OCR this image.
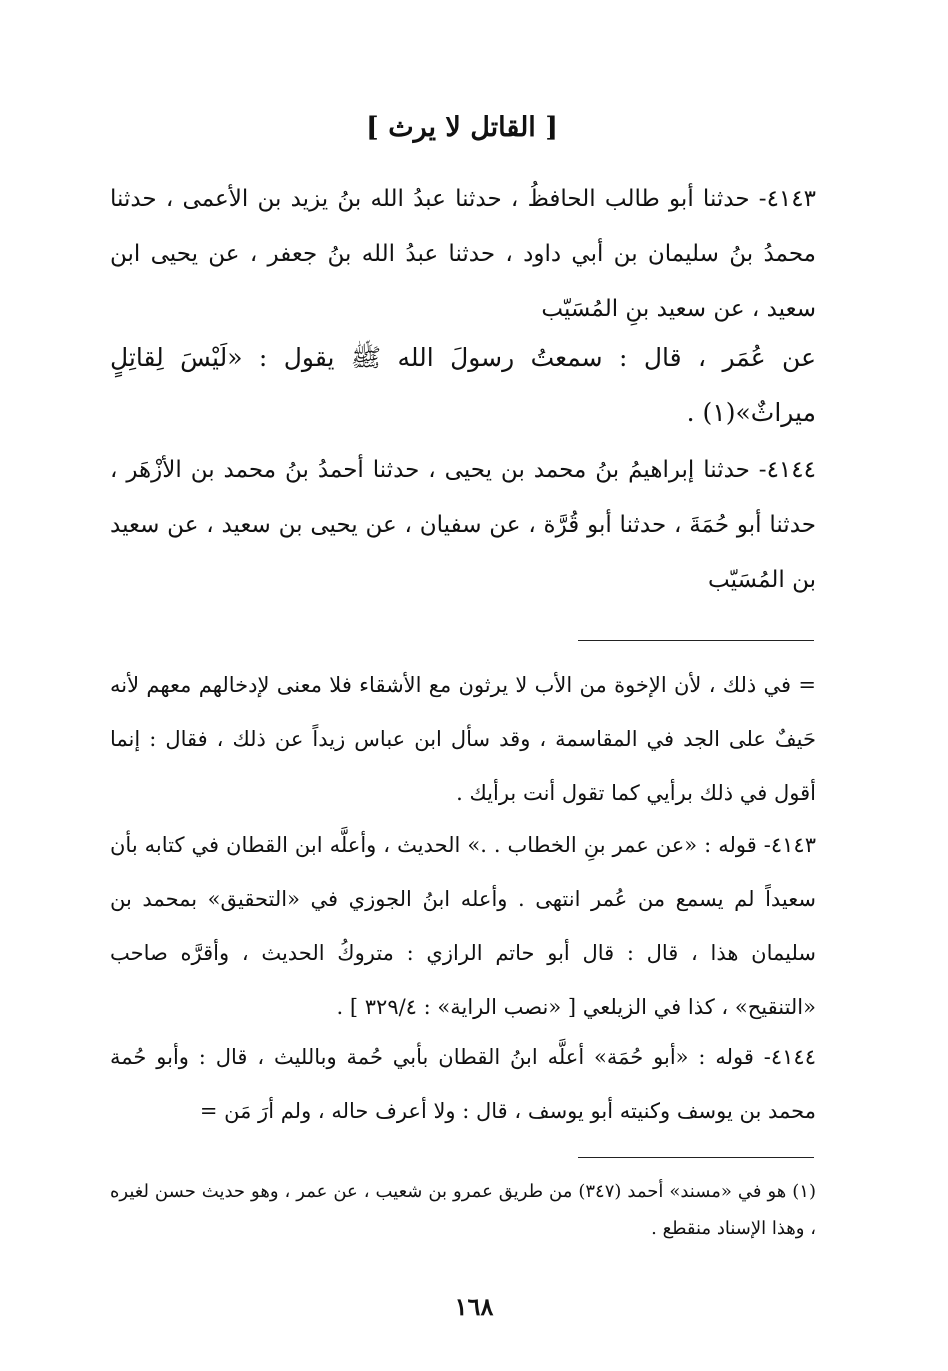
[ القاتل لا يرث ]

٤١٤٣- حدثنا أبو طالب الحافظُ ، حدثنا عبدُ الله بنُ يزيد بن الأعمى ، حدثنا محمدُ بنُ سليمان بن أبي داود ، حدثنا عبدُ الله بنُ جعفر ، عن يحيى ابن سعيد ، عن سعيد بنِ المُسَيّب

عن عُمَر ، قال : سمعتُ رسولَ الله ﷺ يقول : «لَيْسَ لِقاتِلٍ ميراثٌ»(١) .

٤١٤٤- حدثنا إبراهيمُ بنُ محمد بن يحيى ، حدثنا أحمدُ بنُ محمد بن الأزْهَر ، حدثنا أبو حُمَةَ ، حدثنا أبو قُرَّة ، عن سفيان ، عن يحيى بن سعيد ، عن سعيد بن المُسَيّب

= في ذلك ، لأن الإخوة من الأب لا يرثون مع الأشقاء فلا معنى لإدخالهم معهم لأنه حَيفٌ على الجد في المقاسمة ، وقد سأل ابن عباس زيداً عن ذلك ، فقال : إنما أقول في ذلك برأيي كما تقول أنت برأيك .

٤١٤٣- قوله : «عن عمر بنِ الخطاب . .» الحديث ، وأعلَّه ابن القطان في كتابه بأن سعيداً لم يسمع من عُمر انتهى . وأعله ابنُ الجوزي في «التحقيق» بمحمد بن سليمان هذا ، قال : قال أبو حاتم الرازي : متروكُ الحديث ، وأقرَّه صاحب «التنقيح» ، كذا في الزيلعي [ «نصب الراية» : ٣٢٩/٤ ] .

٤١٤٤- قوله : «أبو حُمَة» أعلَّه ابنُ القطان بأبي حُمة وبالليث ، قال : وأبو حُمة محمد بن يوسف وكنيته أبو يوسف ، قال : ولا أعرف حاله ، ولم أرَ مَن =

(١) هو في «مسند» أحمد (٣٤٧) من طريق عمرو بن شعيب ، عن عمر ، وهو حديث حسن لغيره ، وهذا الإسناد منقطع .

١٦٨
